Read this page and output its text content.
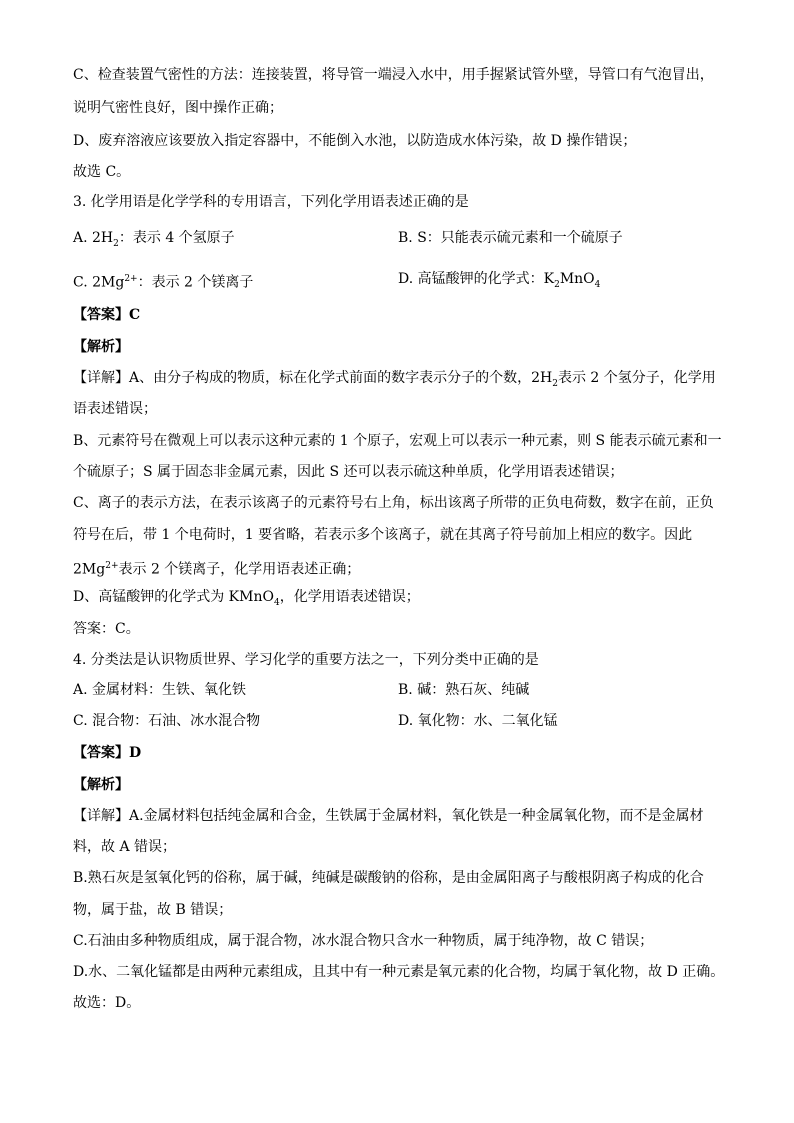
C、检查装置气密性的方法：连接装置，将导管一端浸入水中，用手握紧试管外壁，导管口有气泡冒出，
说明气密性良好，图中操作正确；
D、废弃溶液应该要放入指定容器中，不能倒入水池，以防造成水体污染，故 D 操作错误；
故选 C。
3. 化学用语是化学学科的专用语言，下列化学用语表述正确的是
A. $2H_2$：表示 4 个氢原子	B. S：只能表示硫元素和一个硫原子
C. $2Mg^{2+}$：表示 2 个镁离子	D. 高锰酸钾的化学式：$K_2MnO_4$
【答案】C
【解析】
【详解】A、由分子构成的物质，标在化学式前面的数字表示分子的个数，$2H_2$表示 2 个氢分子，化学用
语表述错误；
B、元素符号在微观上可以表示这种元素的 1 个原子，宏观上可以表示一种元素，则 S 能表示硫元素和一
个硫原子；S 属于固态非金属元素，因此 S 还可以表示硫这种单质，化学用语表述错误；
C、离子的表示方法，在表示该离子的元素符号右上角，标出该离子所带的正负电荷数，数字在前，正负
符号在后，带 1 个电荷时，1 要省略，若表示多个该离子，就在其离子符号前加上相应的数字。因此
$2Mg^{2+}$表示 2 个镁离子，化学用语表述正确；
D、高锰酸钾的化学式为 KMnO$_4$，化学用语表述错误；
答案：C。
4. 分类法是认识物质世界、学习化学的重要方法之一，下列分类中正确的是
A. 金属材料：生铁、氧化铁	B. 碱：熟石灰、纯碱
C. 混合物：石油、冰水混合物	D. 氧化物：水、二氧化锰
【答案】D
【解析】
【详解】A.金属材料包括纯金属和合金，生铁属于金属材料，氧化铁是一种金属氧化物，而不是金属材
料，故 A 错误；
B.熟石灰是氢氧化钙的俗称，属于碱，纯碱是碳酸钠的俗称，是由金属阳离子与酸根阴离子构成的化合
物，属于盐，故 B 错误；
C.石油由多种物质组成，属于混合物，冰水混合物只含水一种物质，属于纯净物，故 C 错误；
D.水、二氧化锰都是由两种元素组成，且其中有一种元素是氧元素的化合物，均属于氧化物，故 D 正确。
故选：D。
